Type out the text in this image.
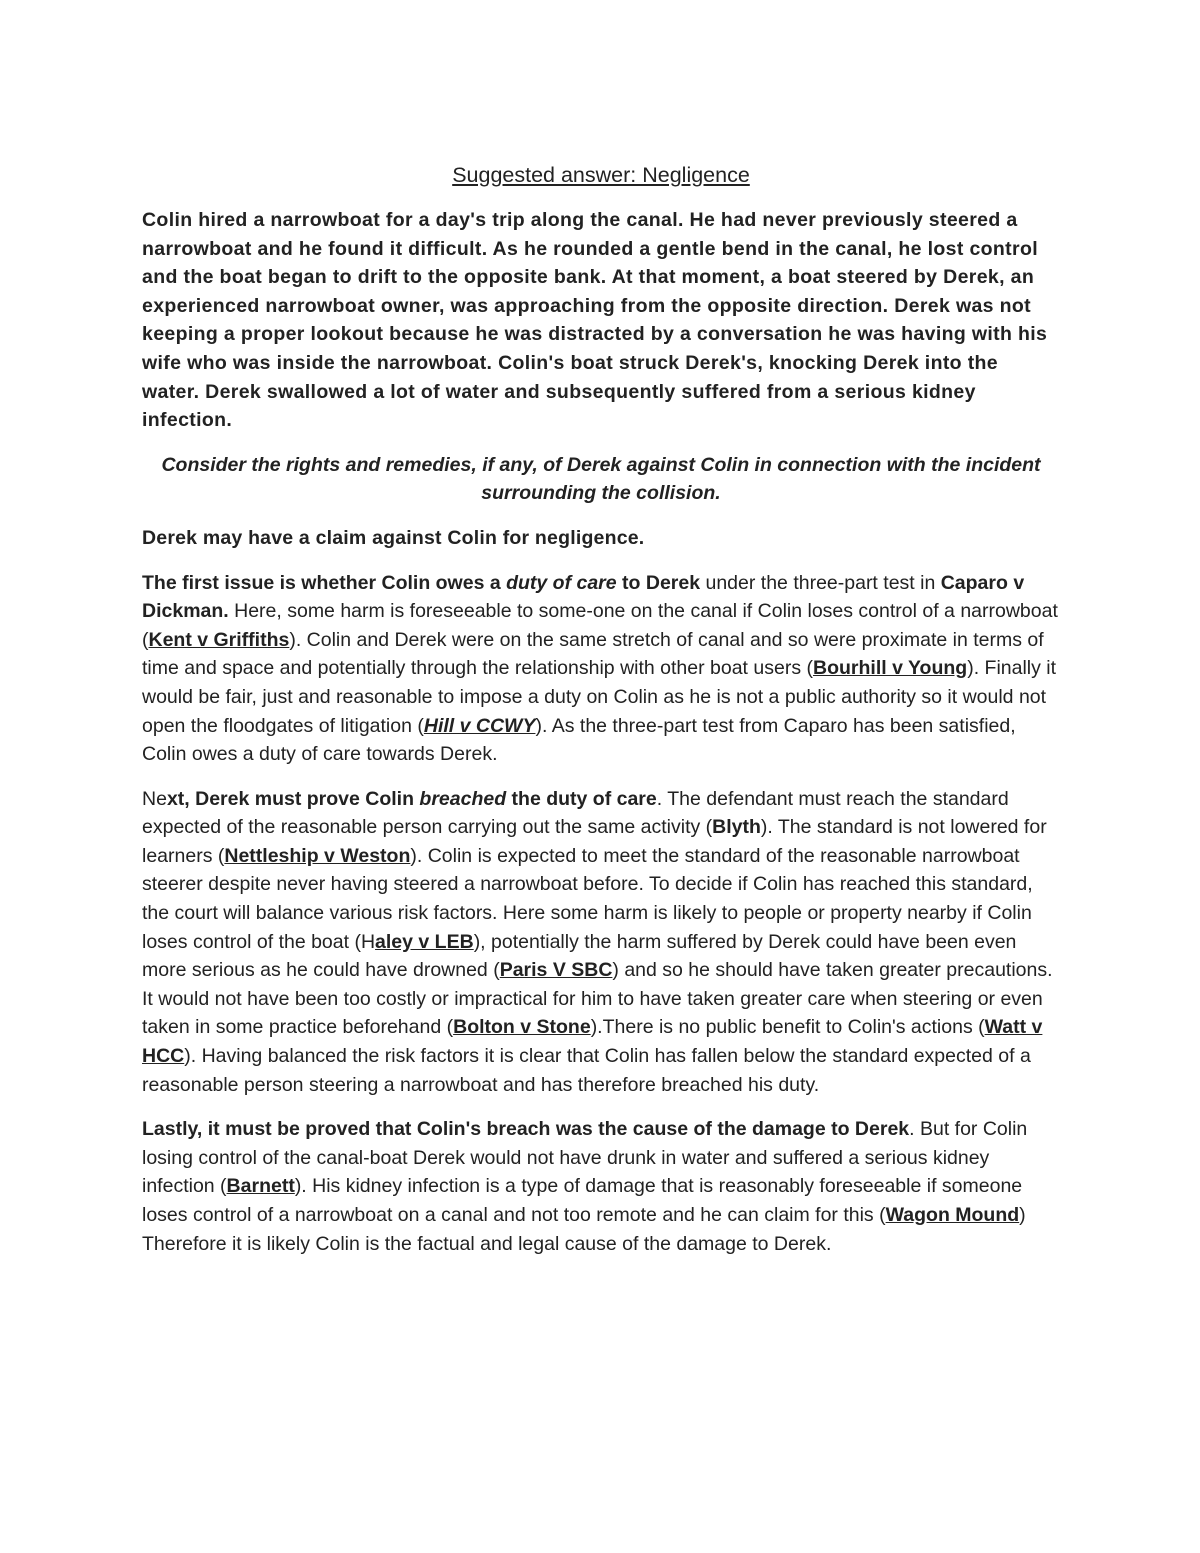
Suggested answer: Negligence

Colin hired a narrowboat for a day's trip along the canal. He had never previously steered a narrowboat and he found it difficult. As he rounded a gentle bend in the canal, he lost control and the boat began to drift to the opposite bank. At that moment, a boat steered by Derek, an experienced narrowboat owner, was approaching from the opposite direction. Derek was not keeping a proper lookout because he was distracted by a conversation he was having with his wife who was inside the narrowboat. Colin's boat struck Derek's, knocking Derek into the water. Derek swallowed a lot of water and subsequently suffered from a serious kidney infection.

Consider the rights and remedies, if any, of Derek against Colin in connection with the incident surrounding the collision.

Derek may have a claim against Colin for negligence.

The first issue is whether Colin owes a duty of care to Derek under the three-part test in Caparo v Dickman. Here, some harm is foreseeable to some-one on the canal if Colin loses control of a narrowboat (Kent v Griffiths). Colin and Derek were on the same stretch of canal and so were proximate in terms of time and space and potentially through the relationship with other boat users (Bourhill v Young). Finally it would be fair, just and reasonable to impose a duty on Colin as he is not a public authority so it would not open the floodgates of litigation (Hill v CCWY). As the three-part test from Caparo has been satisfied, Colin owes a duty of care towards Derek.

Next, Derek must prove Colin breached the duty of care. The defendant must reach the standard expected of the reasonable person carrying out the same activity (Blyth). The standard is not lowered for learners (Nettleship v Weston). Colin is expected to meet the standard of the reasonable narrowboat steerer despite never having steered a narrowboat before. To decide if Colin has reached this standard, the court will balance various risk factors. Here some harm is likely to people or property nearby if Colin loses control of the boat (Haley v LEB), potentially the harm suffered by Derek could have been even more serious as he could have drowned (Paris V SBC) and so he should have taken greater precautions. It would not have been too costly or impractical for him to have taken greater care when steering or even taken in some practice beforehand (Bolton v Stone).There is no public benefit to Colin's actions (Watt v HCC). Having balanced the risk factors it is clear that Colin has fallen below the standard expected of a reasonable person steering a narrowboat and has therefore breached his duty.

Lastly, it must be proved that Colin's breach was the cause of the damage to Derek. But for Colin losing control of the canal-boat Derek would not have drunk in water and suffered a serious kidney infection (Barnett). His kidney infection is a type of damage that is reasonably foreseeable if someone loses control of a narrowboat on a canal and not too remote and he can claim for this (Wagon Mound) Therefore it is likely Colin is the factual and legal cause of the damage to Derek.
